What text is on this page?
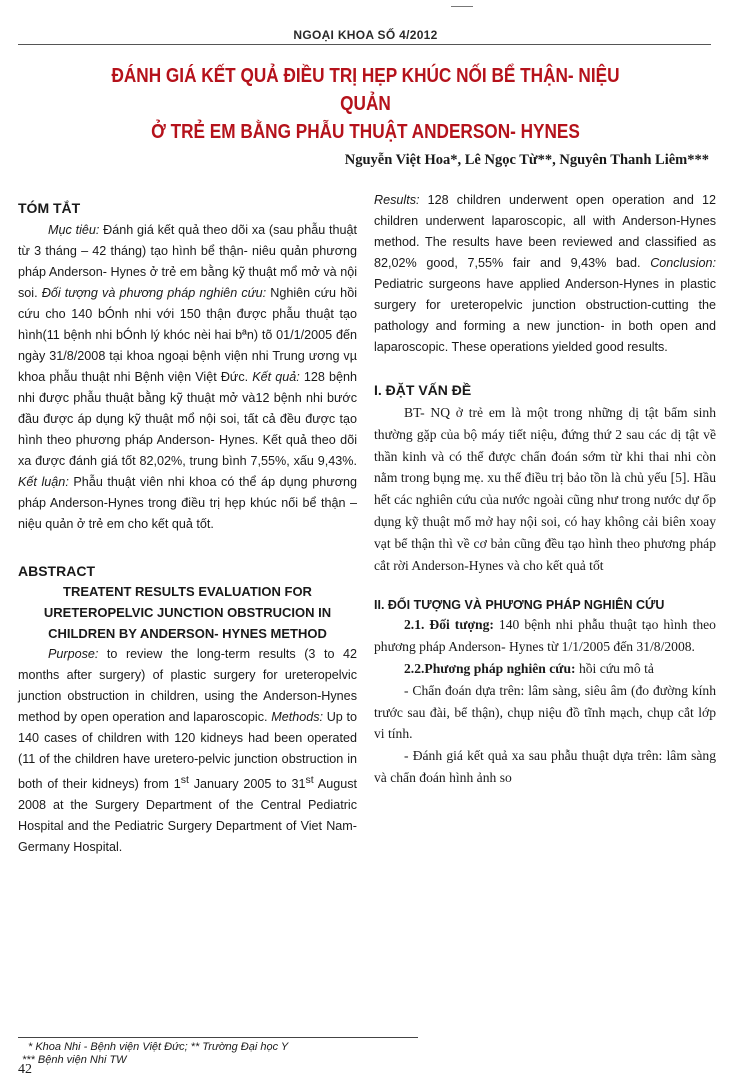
NGOẠI KHOA SỐ 4/2012
ĐÁNH GIÁ KẾT QUẢ ĐIỀU TRỊ HẸP KHÚC NỐI BỂ THẬN- NIỆU QUẢN
Ở TRẺ EM BẰNG PHẪU THUẬT ANDERSON- HYNES
Nguyễn Việt Hoa*, Lê Ngọc Từ**, Nguyên Thanh Liêm***
TÓM TẮT

Mục tiêu: Đánh giá kết quả theo dõi xa (sau phẫu thuật từ 3 tháng – 42 tháng) tạo hình bể thận- niêu quản phương pháp Anderson- Hynes ở trẻ em bằng kỹ thuật mổ mở và nội soi. Đối tượng và phương pháp nghiên cứu: Nghiên cứu hồi cứu cho 140 bÓnh nhi với 150 thận được phẫu thuật tạo hình(11 bệnh nhi bÓnh lý khóc nèi hai bªn) tõ 01/1/2005 đến ngày 31/8/2008 tại khoa ngoại bệnh viện nhi Trung ương vµ khoa phẫu thuật nhi Bệnh viện Việt Đức. Kết quả: 128 bệnh nhi được phẫu thuật bằng kỹ thuật mở và12 bệnh nhi bước đầu được áp dụng kỹ thuật mổ nội soi, tất cả đều được tạo hình theo phương pháp Anderson- Hynes. Kết quả theo dõi xa được đánh giá tốt 82,02%, trung bình 7,55%, xấu 9,43%. Kết luận: Phẫu thuật viên nhi khoa có thể áp dụng phương pháp Anderson-Hynes trong điều trị hẹp khúc nối bể thận – niệu quản ở trẻ em cho kết quả tốt.

ABSTRACT

TREATENT RESULTS EVALUATION FOR URETEROPELVIC JUNCTION OBSTRUCION IN CHILDREN BY ANDERSON- HYNES METHOD

Purpose: to review the long-term results (3 to 42 months after surgery) of plastic surgery for ureteropelvic junction obstruction in children, using the Anderson-Hynes method by open operation and laparoscopic. Methods: Up to 140 cases of children with 120 kidneys had been operated (11 of the children have uretero-pelvic junction obstruction in both of their kidneys) from 1st January 2005 to 31st August 2008 at the Surgery Department of the Central Pediatric Hospital and the Pediatric Surgery Department of Viet Nam- Germany Hospital.

Results: 128 children underwent open operation and 12 children underwent laparoscopic, all with Anderson-Hynes method. The results have been reviewed and classified as 82,02% good, 7,55% fair and 9,43% bad. Conclusion: Pediatric surgeons have applied Anderson-Hynes in plastic surgery for ureteropelvic junction obstruction-cutting the pathology and forming a new junction- in both open and laparoscopic. These operations yielded good results.

I. ĐẶT VẤN ĐỀ

BT- NQ ở trẻ em là một trong những dị tật bẩm sinh thường gặp của bộ máy tiết niệu, đứng thứ 2 sau các dị tật về thần kinh và có thể được chẩn đoán sớm từ khi thai nhi còn nằm trong bụng mẹ. xu thế điều trị bảo tồn là chủ yếu [5]. Hầu hết các nghiên cứu của nước ngoài cũng như trong nước dự ốp dụng kỹ thuật mổ mở hay nội soi, có hay không cải biên xoay vạt bể thận thì về cơ bản cũng đều tạo hình theo phương pháp cắt rời Anderson-Hynes và cho kết quả tốt

II. ĐỐI TƯỢNG VÀ PHƯƠNG PHÁP NGHIÊN CỨU

2.1. Đối tượng: 140 bệnh nhi phẫu thuật tạo hình theo phương pháp Anderson- Hynes từ 1/1/2005 đến 31/8/2008.

2.2.Phương pháp nghiên cứu: hồi cứu mô tả

- Chẩn đoán dựa trên: lâm sàng, siêu âm (đo đường kính trước sau đài, bể thận), chụp niệu đồ tĩnh mạch, chụp cắt lớp vi tính.

- Đánh giá kết quả xa sau phẫu thuật dựa trên: lâm sàng và chẩn đoán hình ảnh so

* Khoa Nhi - Bệnh viện Việt Đức; ** Trường Đại học Y
*** Bệnh viện Nhi TW
42
